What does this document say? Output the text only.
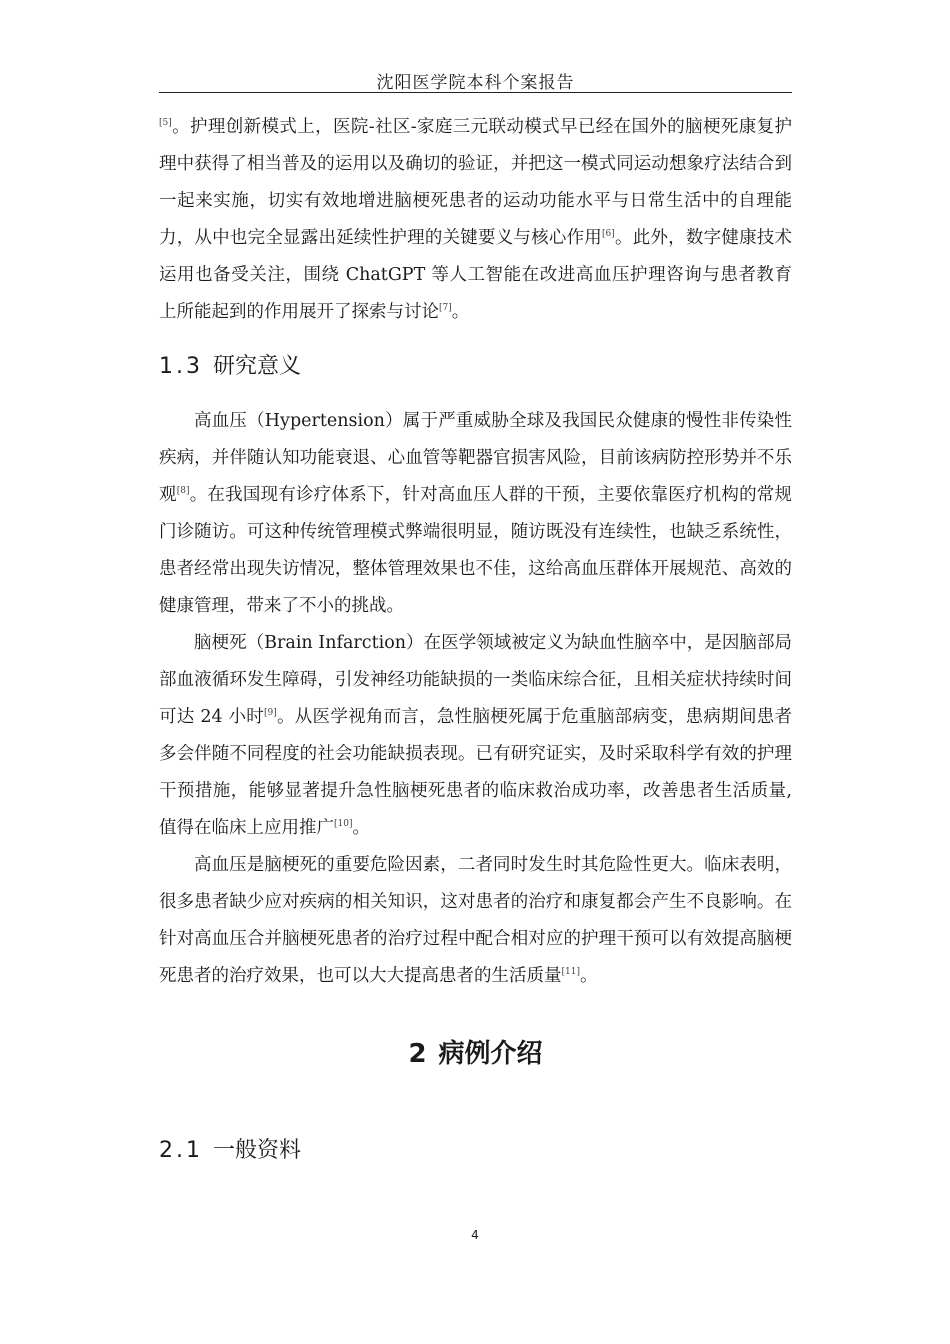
沈阳医学院本科个案报告

[5]。护理创新模式上，医院-社区-家庭三元联动模式早已经在国外的脑梗死康复护理中获得了相当普及的运用以及确切的验证，并把这一模式同运动想象疗法结合到一起来实施，切实有效地增进脑梗死患者的运动功能水平与日常生活中的自理能力，从中也完全显露出延续性护理的关键要义与核心作用[6]。此外，数字健康技术运用也备受关注，围绕 ChatGPT 等人工智能在改进高血压护理咨询与患者教育上所能起到的作用展开了探索与讨论[7]。

1.3 研究意义

高血压（Hypertension）属于严重威胁全球及我国民众健康的慢性非传染性疾病，并伴随认知功能衰退、心血管等靶器官损害风险，目前该病防控形势并不乐观[8]。在我国现有诊疗体系下，针对高血压人群的干预，主要依靠医疗机构的常规门诊随访。可这种传统管理模式弊端很明显，随访既没有连续性，也缺乏系统性，患者经常出现失访情况，整体管理效果也不佳，这给高血压群体开展规范、高效的健康管理，带来了不小的挑战。

脑梗死（Brain Infarction）在医学领域被定义为缺血性脑卒中，是因脑部局部血液循环发生障碍，引发神经功能缺损的一类临床综合征，且相关症状持续时间可达 24 小时[9]。从医学视角而言，急性脑梗死属于危重脑部病变，患病期间患者多会伴随不同程度的社会功能缺损表现。已有研究证实，及时采取科学有效的护理干预措施，能够显著提升急性脑梗死患者的临床救治成功率，改善患者生活质量,值得在临床上应用推广[10]。

高血压是脑梗死的重要危险因素，二者同时发生时其危险性更大。临床表明，很多患者缺少应对疾病的相关知识，这对患者的治疗和康复都会产生不良影响。在针对高血压合并脑梗死患者的治疗过程中配合相对应的护理干预可以有效提高脑梗死患者的治疗效果，也可以大大提高患者的生活质量[11]。

2 病例介绍
2.1 一般资料
4
